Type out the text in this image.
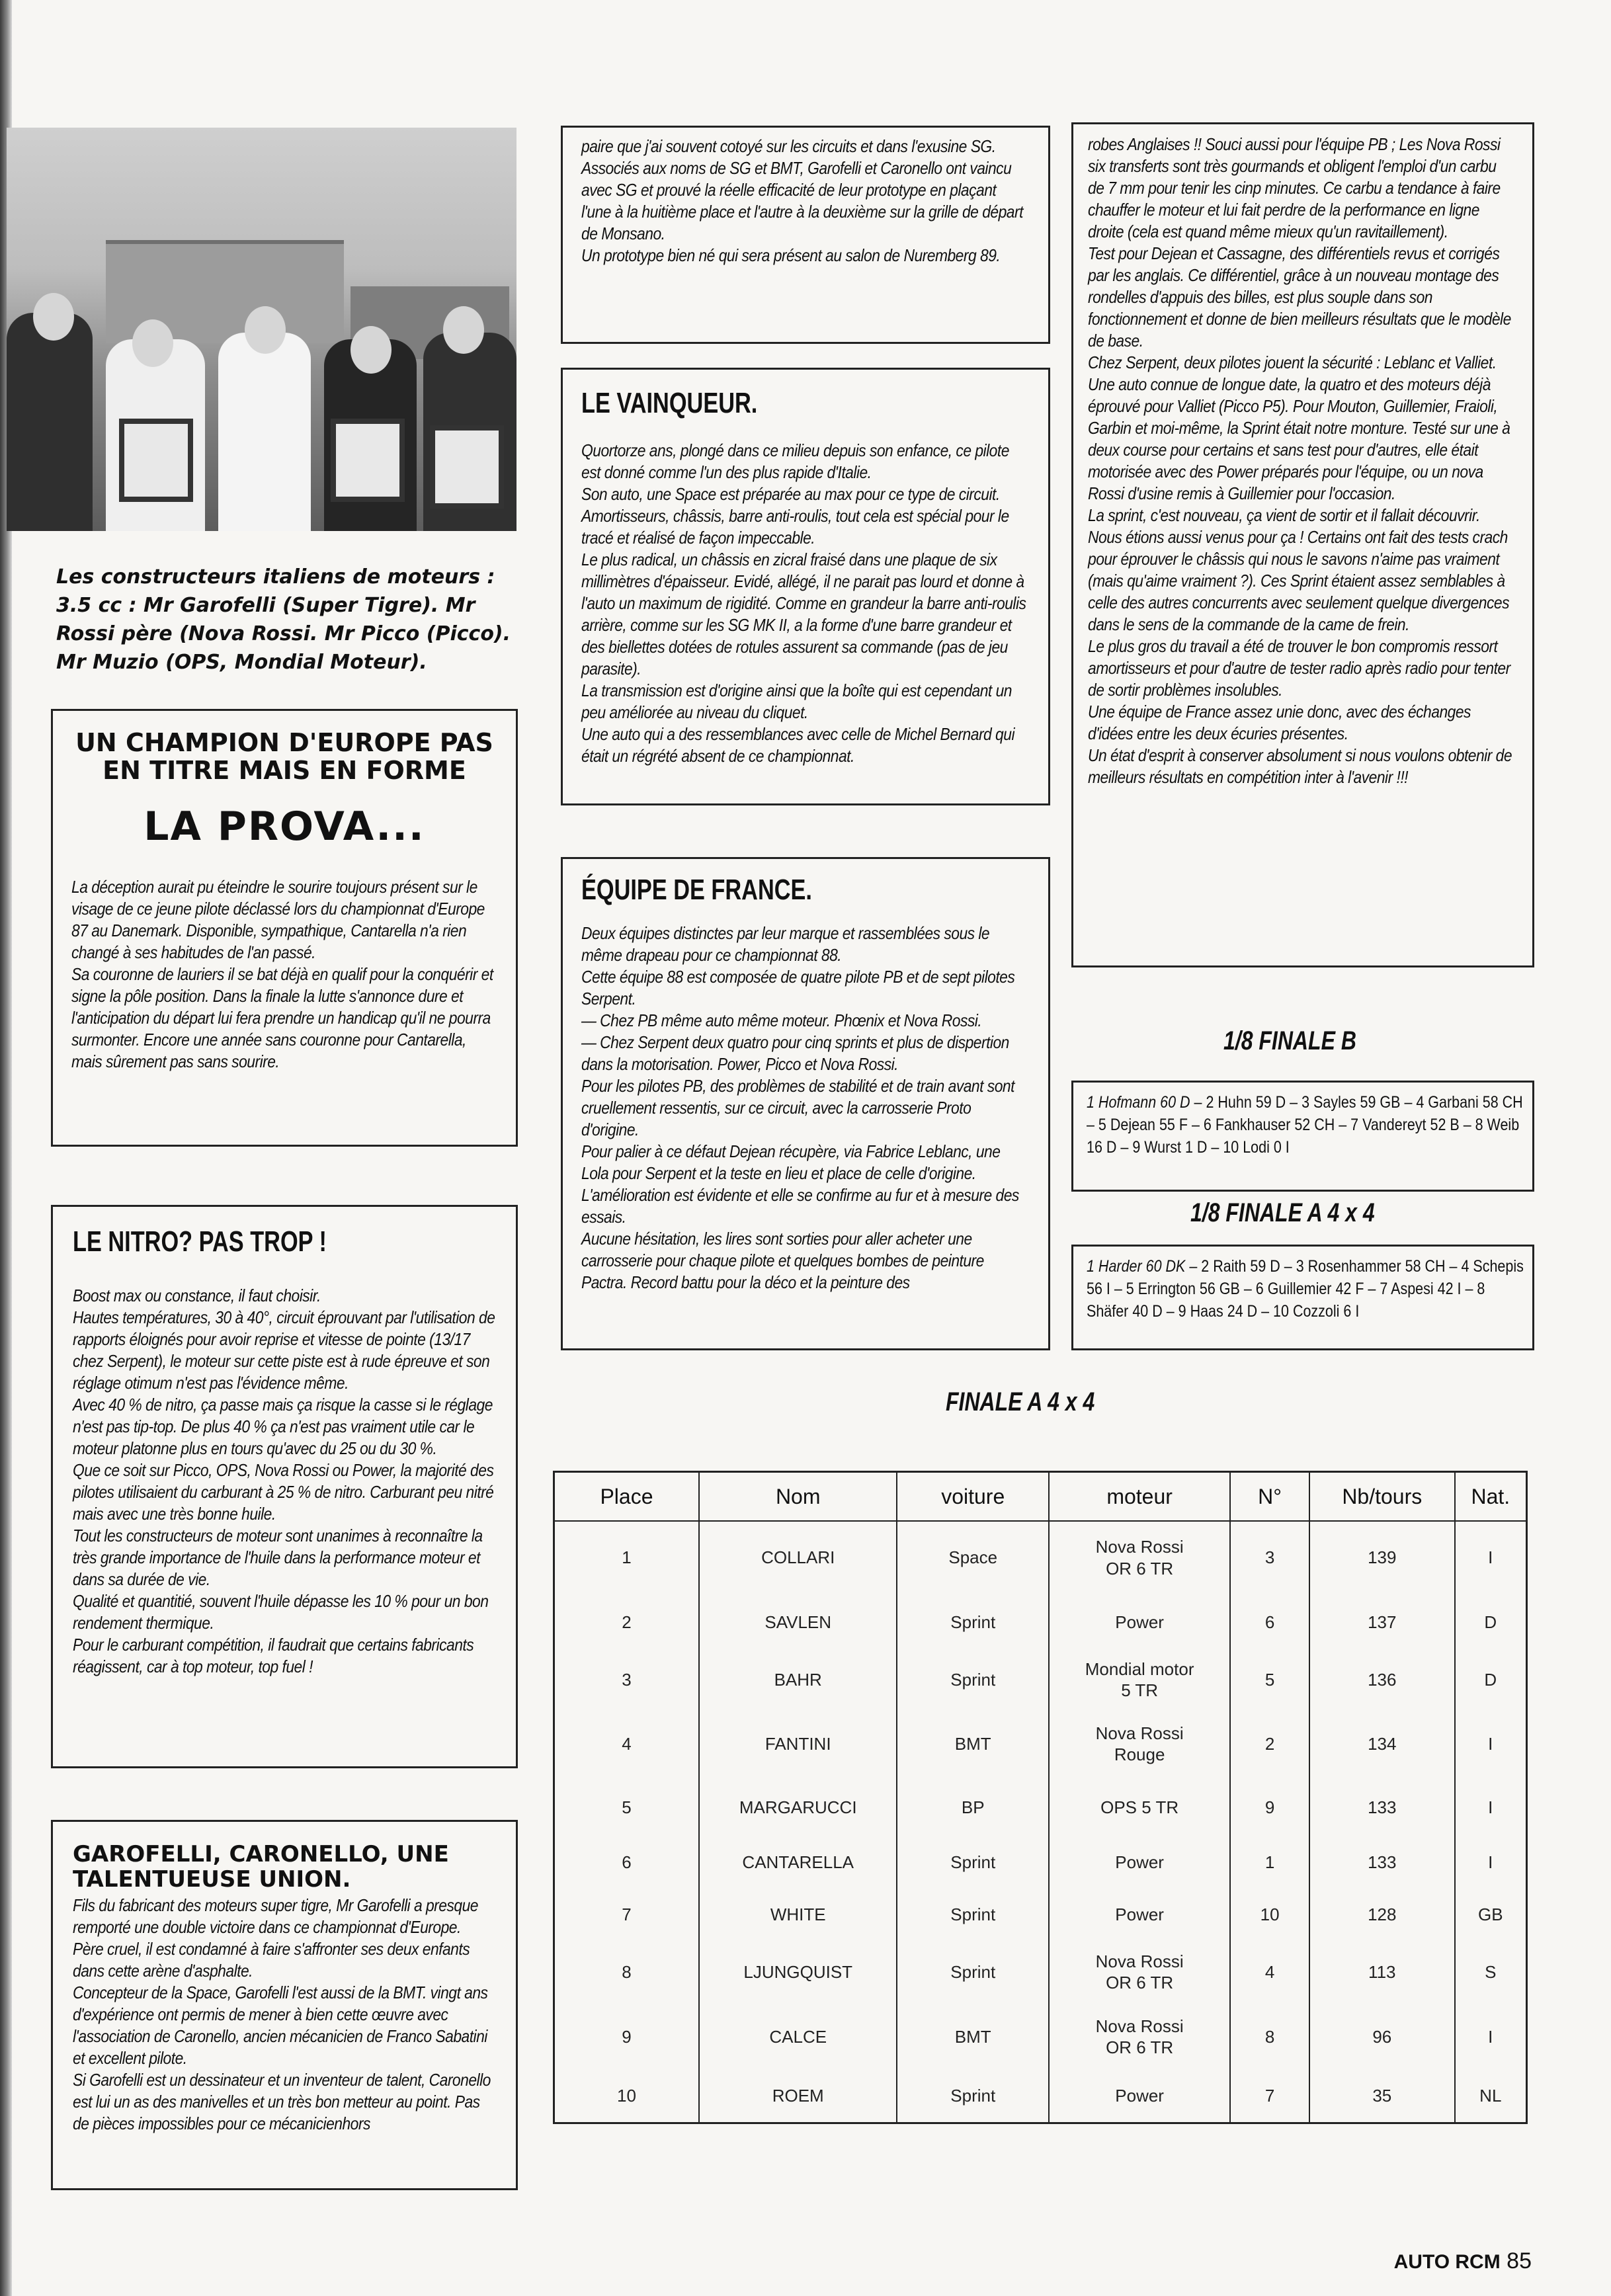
Les constructeurs italiens de moteurs : 3.5 cc : Mr Garofelli (Super Tigre). Mr Rossi père (Nova Rossi. Mr Picco (Picco). Mr Muzio (OPS, Mondial Moteur).
UN CHAMPION D'EUROPE PAS EN TITRE MAIS EN FORME
LA PROVA...

La déception aurait pu éteindre le sourire toujours présent sur le visage de ce jeune pilote déclassé lors du championnat d'Europe 87 au Danemark. Disponible, sympathique, Cantarella n'a rien changé à ses habitudes de l'an passé.

Sa couronne de lauriers il se bat déjà en qualif pour la conquérir et signe la pôle position. Dans la finale la lutte s'annonce dure et l'anticipation du départ lui fera prendre un handicap qu'il ne pourra surmonter. Encore une année sans couronne pour Cantarella, mais sûrement pas sans sourire.

LE NITRO? PAS TROP !

Boost max ou constance, il faut choisir.

Hautes températures, 30 à 40°, circuit éprouvant par l'utilisation de rapports éloignés pour avoir reprise et vitesse de pointe (13/17 chez Serpent), le moteur sur cette piste est à rude épreuve et son réglage otimum n'est pas l'évidence même.

Avec 40 % de nitro, ça passe mais ça risque la casse si le réglage n'est pas tip-top. De plus 40 % ça n'est pas vraiment utile car le moteur platonne plus en tours qu'avec du 25 ou du 30 %.

Que ce soit sur Picco, OPS, Nova Rossi ou Power, la majorité des pilotes utilisaient du carburant à 25 % de nitro. Carburant peu nitré mais avec une très bonne huile.

Tout les constructeurs de moteur sont unanimes à reconnaître la très grande importance de l'huile dans la performance moteur et dans sa durée de vie.

Qualité et quantitié, souvent l'huile dépasse les 10 % pour un bon rendement thermique.

Pour le carburant compétition, il faudrait que certains fabricants réagissent, car à top moteur, top fuel !

GAROFELLI, CARONELLO, UNE TALENTUEUSE UNION.

Fils du fabricant des moteurs super tigre, Mr Garofelli a presque remporté une double victoire dans ce championnat d'Europe.

Père cruel, il est condamné à faire s'affronter ses deux enfants dans cette arène d'asphalte.

Concepteur de la Space, Garofelli l'est aussi de la BMT. vingt ans d'expérience ont permis de mener à bien cette œuvre avec l'association de Caronello, ancien mécanicien de Franco Sabatini et excellent pilote.

Si Garofelli est un dessinateur et un inventeur de talent, Caronello est lui un as des manivelles et un très bon metteur au point. Pas de pièces impossibles pour ce mécanicienhors

paire que j'ai souvent cotoyé sur les circuits et dans l'exusine SG.

Associés aux noms de SG et BMT, Garofelli et Caronello ont vaincu avec SG et prouvé la réelle efficacité de leur prototype en plaçant l'une à la huitième place et l'autre à la deuxième sur la grille de départ de Monsano.

Un prototype bien né qui sera présent au salon de Nuremberg 89.

LE VAINQUEUR.

Quortorze ans, plongé dans ce milieu depuis son enfance, ce pilote est donné comme l'un des plus rapide d'Italie.

Son auto, une Space est préparée au max pour ce type de circuit. Amortisseurs, châssis, barre anti-roulis, tout cela est spécial pour le tracé et réalisé de façon impeccable.

Le plus radical, un châssis en zicral fraisé dans une plaque de six millimètres d'épaisseur. Evidé, allégé, il ne parait pas lourd et donne à l'auto un maximum de rigidité. Comme en grandeur la barre anti-roulis arrière, comme sur les SG MK II, a la forme d'une barre grandeur et des biellettes dotées de rotules assurent sa commande (pas de jeu parasite).

La transmission est d'origine ainsi que la boîte qui est cependant un peu améliorée au niveau du cliquet.

Une auto qui a des ressemblances avec celle de Michel Bernard qui était un régrété absent de ce championnat.

ÉQUIPE DE FRANCE.

Deux équipes distinctes par leur marque et rassemblées sous le même drapeau pour ce championnat 88.

Cette équipe 88 est composée de quatre pilote PB et de sept pilotes Serpent.

— Chez PB même auto même moteur. Phœnix et Nova Rossi.

— Chez Serpent deux quatro pour cinq sprints et plus de dispertion dans la motorisation. Power, Picco et Nova Rossi.

Pour les pilotes PB, des problèmes de stabilité et de train avant sont cruellement ressentis, sur ce circuit, avec la carrosserie Proto d'origine.

Pour palier à ce défaut Dejean récupère, via Fabrice Leblanc, une Lola pour Serpent et la teste en lieu et place de celle d'origine. L'amélioration est évidente et elle se confirme au fur et à mesure des essais.

Aucune hésitation, les lires sont sorties pour aller acheter une carrosserie pour chaque pilote et quelques bombes de peinture Pactra. Record battu pour la déco et la peinture des

robes Anglaises !! Souci aussi pour l'équipe PB ; Les Nova Rossi six transferts sont très gourmands et obligent l'emploi d'un carbu de 7 mm pour tenir les cinp minutes. Ce carbu a tendance à faire chauffer le moteur et lui fait perdre de la performance en ligne droite (cela est quand même mieux qu'un ravitaillement).

Test pour Dejean et Cassagne, des différentiels revus et corrigés par les anglais. Ce différentiel, grâce à un nouveau montage des rondelles d'appuis des billes, est plus souple dans son fonctionnement et donne de bien meilleurs résultats que le modèle de base.

Chez Serpent, deux pilotes jouent la sécurité : Leblanc et Valliet. Une auto connue de longue date, la quatro et des moteurs déjà éprouvé pour Valliet (Picco P5). Pour Mouton, Guillemier, Fraioli, Garbin et moi-même, la Sprint était notre monture. Testé sur une à deux course pour certains et sans test pour d'autres, elle était motorisée avec des Power préparés pour l'équipe, ou un nova Rossi d'usine remis à Guillemier pour l'occasion.

La sprint, c'est nouveau, ça vient de sortir et il fallait découvrir. Nous étions aussi venus pour ça ! Certains ont fait des tests crach pour éprouver le châssis qui nous le savons n'aime pas vraiment (mais qu'aime vraiment ?). Ces Sprint étaient assez semblables à celle des autres concurrents avec seulement quelque divergences dans le sens de la commande de la came de frein.

Le plus gros du travail a été de trouver le bon compromis ressort amortisseurs et pour d'autre de tester radio après radio pour tenter de sortir problèmes insolubles.

Une équipe de France assez unie donc, avec des échanges d'idées entre les deux écuries présentes.

Un état d'esprit à conserver absolument si nous voulons obtenir de meilleurs résultats en compétition inter à l'avenir !!!

1/8 FINALE B
1 Hofmann 60 D – 2 Huhn 59 D – 3 Sayles 59 GB – 4 Garbani 58 CH – 5 Dejean 55 F – 6 Fankhauser 52 CH – 7 Vandereyt 52 B – 8 Weib 16 D – 9 Wurst 1 D – 10 Lodi 0 I
1/8 FINALE A 4 x 4
1 Harder 60 DK – 2 Raith 59 D – 3 Rosenhammer 58 CH – 4 Schepis 56 I – 5 Errington 56 GB – 6 Guillemier 42 F – 7 Aspesi 42 I – 8 Shäfer 40 D – 9 Haas 24 D – 10 Cozzoli 6 I
FINALE A 4 x 4
Place	Nom	voiture	moteur	N°	Nb/tours	Nat.
1	COLLARI	Space	Nova Rossi
OR 6 TR	3	139	I
2	SAVLEN	Sprint	Power	6	137	D
3	BAHR	Sprint	Mondial motor
5 TR	5	136	D
4	FANTINI	BMT	Nova Rossi
Rouge	2	134	I
5	MARGARUCCI	BP	OPS 5 TR	9	133	I
6	CANTARELLA	Sprint	Power	1	133	I
7	WHITE	Sprint	Power	10	128	GB
8	LJUNGQUIST	Sprint	Nova Rossi
OR 6 TR	4	113	S
9	CALCE	BMT	Nova Rossi
OR 6 TR	8	96	I
10	ROEM	Sprint	Power	7	35	NL
AUTO RCM 85
